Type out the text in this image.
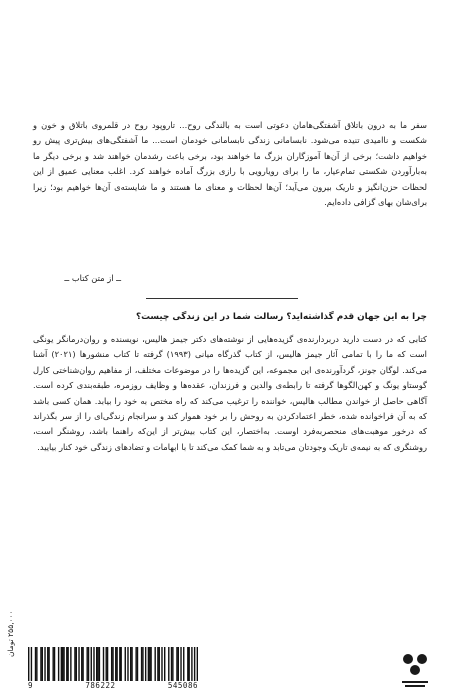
سفر ما به درون باتلاق آشفتگی‌هامان دعوتی است به بالندگی روح... تاروپود روح در قلمروی باتلاق و خون و شکست و ناامیدی تنیده می‌شود. نابسامانی زندگی نابسامانی خودمان است... ما آشفتگی‌های بیش‌تری پیش رو خواهیم داشت؛ برخی از آن‌ها آموزگاران بزرگ ما خواهند بود، برخی باعث رشدمان خواهند شد و برخی دیگر ما به‌بارآوردن شکستی تمام‌عیار، ما را برای رویارویی با رازی بزرگ آماده خواهند کرد. اغلب معنایی عمیق از این لحظات حزن‌انگیز و تاریک بیرون می‌آید؛ آن‌ها لحظات و معنای ما هستند و ما شایسته‌ی آن‌ها خواهیم بود؛ زیرا برای‌شان بهای گزافی داده‌ایم.

ــ از متن کتاب ــ
چرا به این جهان قدم گذاشته‌اید؟ رسالت شما در این زندگی چیست؟

کتابی که در دست دارید دربردارنده‌ی گزیده‌هایی از نوشته‌های دکتر جیمز هالیس، نویسنده و روان‌درمانگر یونگی است که ما را با تمامی آثار جیمز هالیس، از کتاب گذرگاه میانی (۱۹۹۳) گرفته تا کتاب منشورها (۲۰۲۱) آشنا می‌کند. لوگان جونز، گردآورنده‌ی این مجموعه، این گزیده‌ها را در موضوعات مختلف، از مفاهیم روان‌شناختی کارل گوستاو یونگ و کهن‌الگوها گرفته تا رابطه‌ی والدین و فرزندان، عقده‌ها و وظایف روزمره، طبقه‌بندی کرده است. آگاهی حاصل از خواندن مطالب هالیس، خواننده را ترغیب می‌کند که راه مختص به خود را بیابد. همان کسی باشد که به آن فراخوانده شده، خطر اعتمادکردن به روحش را بر خود هموار کند و سرانجام زندگی‌ای را از سر بگذراند که درخور موهبت‌های منحصربه‌فرد اوست. به‌اختصار، این کتاب بیش‌تر از این‌که راهنما باشد، روشنگر است، روشنگری که به نیمه‌ی تاریک وجودتان می‌تابد و به شما کمک می‌کند تا با ابهامات و تضادهای زندگی خود کنار بیایید.

۲۵۵,۰۰۰ تومان
9	786222	545086
